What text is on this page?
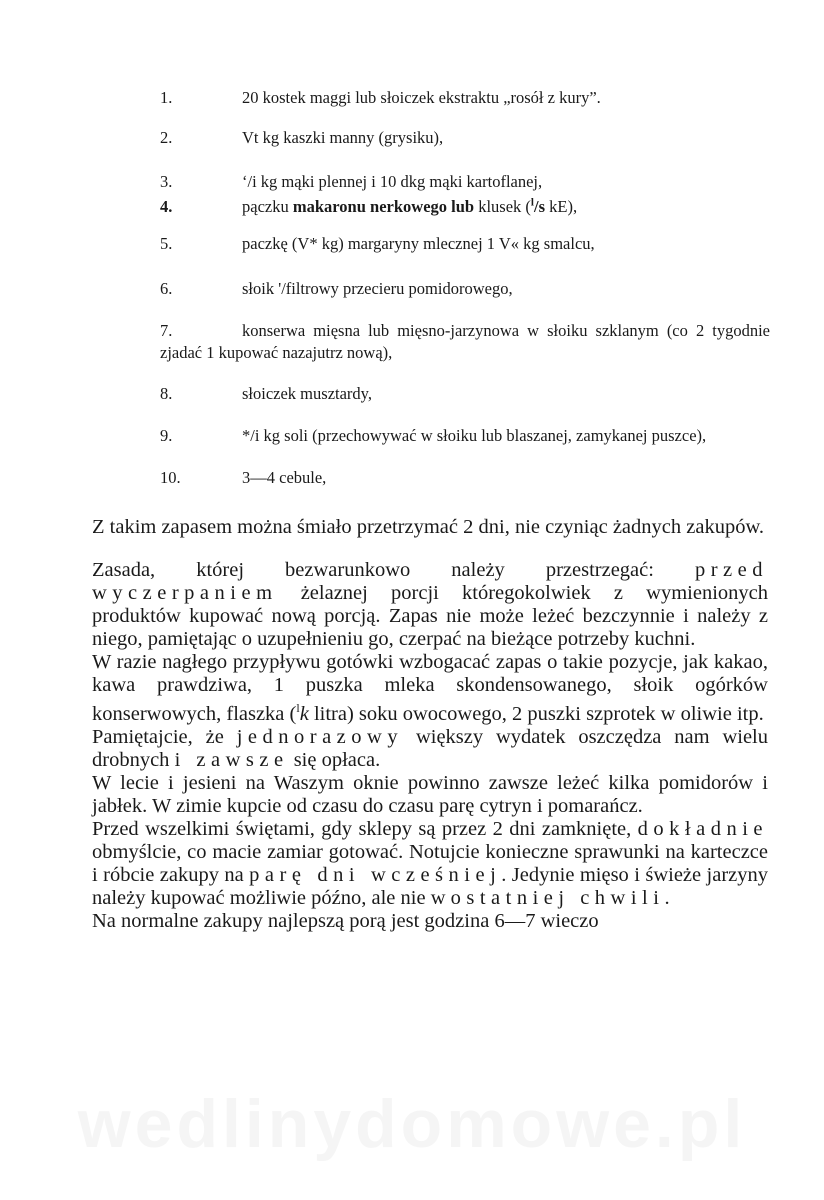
1.	20 kostek maggi lub słoiczek ekstraktu „rosół z kury”.
2.	Vt kg kaszki manny (grysiku),
3.	‘/i kg mąki plennej i 10 dkg mąki kartoflanej,
4.	pączku makaronu nerkowego lub klusek ($^l$/s kE),
5.	paczkę (V* kg) margaryny mlecznej 1 V« kg smalcu,
6.	słoik '/filtrowy przecieru pomidorowego,
7.	konserwa mięsna lub mięsno-jarzynowa w słoiku szklanym (co 2 tygodnie zjadać 1 kupować nazajutrz nową),
8.	słoiczek musztardy,
9.	*/i kg soli (przechowywać w słoiku lub blaszanej, zamykanej puszce),
10.	3—4 cebule,

Z takim zapasem można śmiało przetrzymać 2 dni, nie czyniąc żadnych zakupów.

Zasada, której bezwarunkowo należy przestrzegać: przed wyczerpaniem żelaznej porcji któregokolwiek z wymienionych produktów kupować nową porcją. Zapas nie może leżeć bezczynnie i należy z niego, pamiętając o uzupełnieniu go, czerpać na bieżące potrzeby kuchni.

W razie nagłego przypływu gotówki wzbogacać zapas o takie pozycje, jak kakao, kawa prawdziwa, 1 puszka mleka skondensowanego, słoik ogórków konserwowych, flaszka ($^l$k litra) soku owocowego, 2 puszki szprotek w oliwie itp.

Pamiętajcie, że jednorazowy większy wydatek oszczędza nam wielu drobnych i zawsze się opłaca.

W lecie i jesieni na Waszym oknie powinno zawsze leżeć kilka pomidorów i jabłek. W zimie kupcie od czasu do czasu parę cytryn i pomarańcz.

Przed wszelkimi świętami, gdy sklepy są przez 2 dni zamknięte, dokładnie obmyślcie, co macie zamiar gotować. Notujcie konieczne sprawunki na karteczce i róbcie zakupy na parę dni wcześniej. Jedynie mięso i świeże jarzyny należy kupować możliwie późno, ale nie w ostatniej chwili.

Na normalne zakupy najlepszą porą jest godzina 6—7 wieczo

wedlinydomowe.pl
